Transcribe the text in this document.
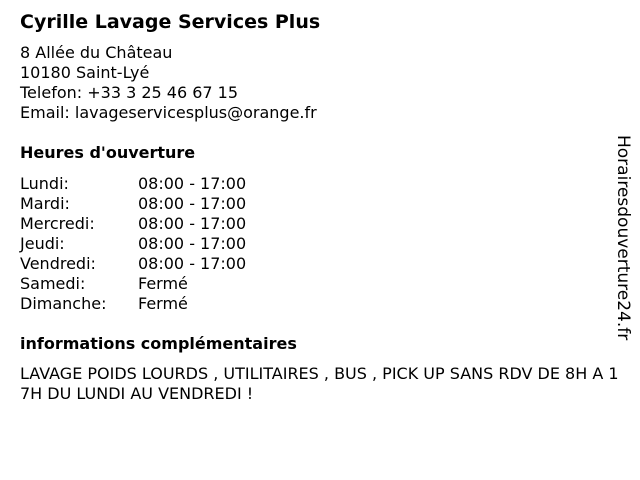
Cyrille Lavage Services Plus
8 Allée du Château
10180 Saint-Lyé
Telefon: +33 3 25 46 67 15
Email: lavageservicesplus@orange.fr
Heures d'ouverture
Lundi:	08:00 - 17:00
Mardi:	08:00 - 17:00
Mercredi:	08:00 - 17:00
Jeudi:	08:00 - 17:00
Vendredi:	08:00 - 17:00
Samedi:	Fermé
Dimanche:	Fermé
informations complémentaires
LAVAGE POIDS LOURDS , UTILITAIRES , BUS , PICK UP SANS RDV DE 8H A 17H DU LUNDI AU VENDREDI !
Horairesdouverture24.fr
